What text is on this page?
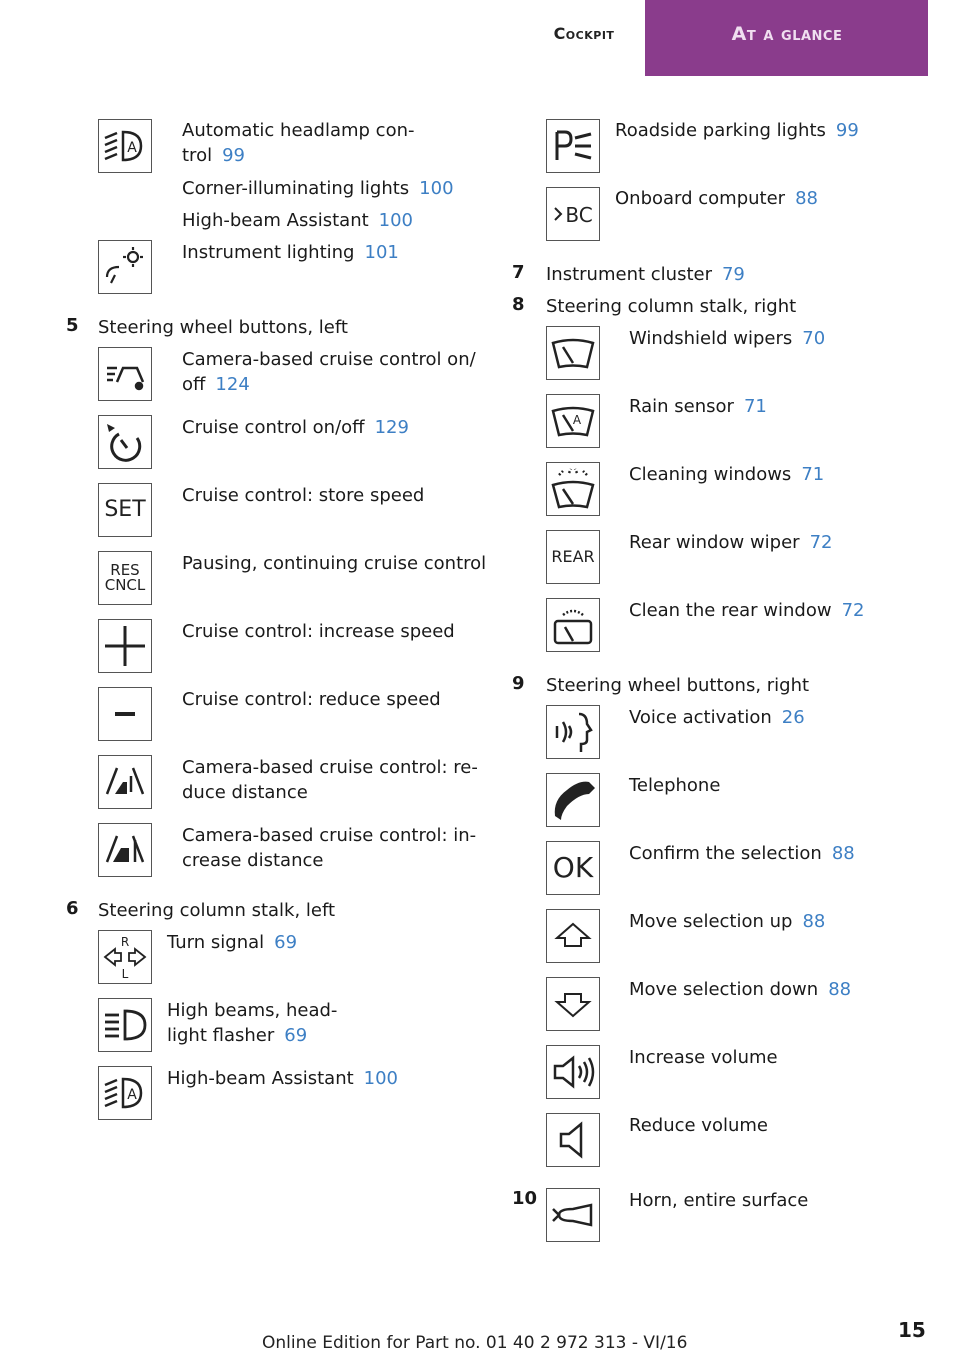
Cockpit	At a glance
A
Automatic headlamp con-
trol 99
Corner-illuminating lights 100
High-beam Assistant 100
Instrument lighting 101
5 Steering wheel buttons, left
Camera-based cruise control on/
off 124
Cruise control on/off 129
SET
Cruise control: store speed
RES
CNCL
Pausing, continuing cruise control
Cruise control: increase speed
Cruise control: reduce speed
Camera-based cruise control: re-
duce distance
Camera-based cruise control: in-
crease distance
6 Steering column stalk, left
R
L
Turn signal 69
High beams, head-
light flasher 69
A
High-beam Assistant 100
Roadside parking lights 99
BC
Onboard computer 88
7 Instrument cluster 79
8 Steering column stalk, right
Windshield wipers 70
A
Rain sensor 71
Cleaning windows 71
REAR
Rear window wiper 72
Clean the rear window 72
9 Steering wheel buttons, right
Voice activation 26
Telephone
OK Confirm the selection 88
Move selection up 88
Move selection down 88
Increase volume
Reduce volume
10	Horn, entire surface
Online Edition for Part no. 01 40 2 972 313 - VI/16
15
